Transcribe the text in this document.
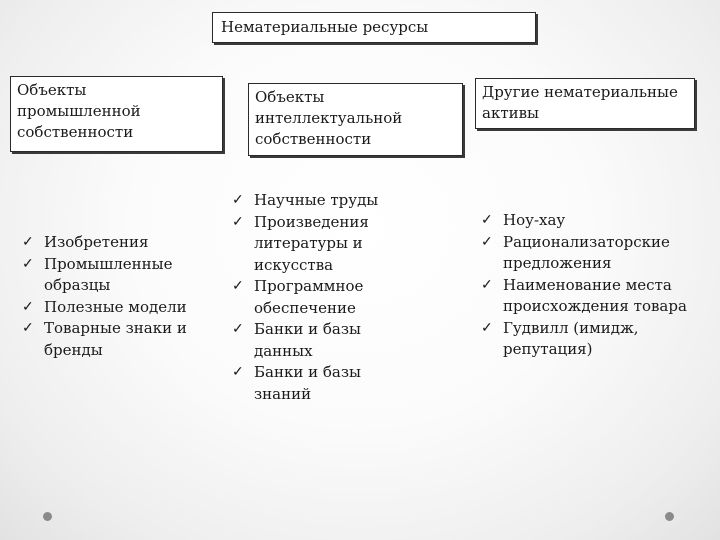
Нематериальные ресурсы
Объекты
промышленной
собственности
Объекты
интеллектуальной
собственности
Другие нематериальные
активы
✓ Изобретения
✓ Промышленные
образцы
✓ Полезные модели
✓ Товарные знаки и
бренды
✓ Научные труды
✓ Произведения
литературы и
искусства
✓ Программное
обеспечение
✓ Банки и базы
данных
✓ Банки и базы
знаний
✓ Ноу-хау
✓ Рационализаторские
предложения
✓ Наименование места
происхождения товара
✓ Гудвилл (имидж,
репутация)
